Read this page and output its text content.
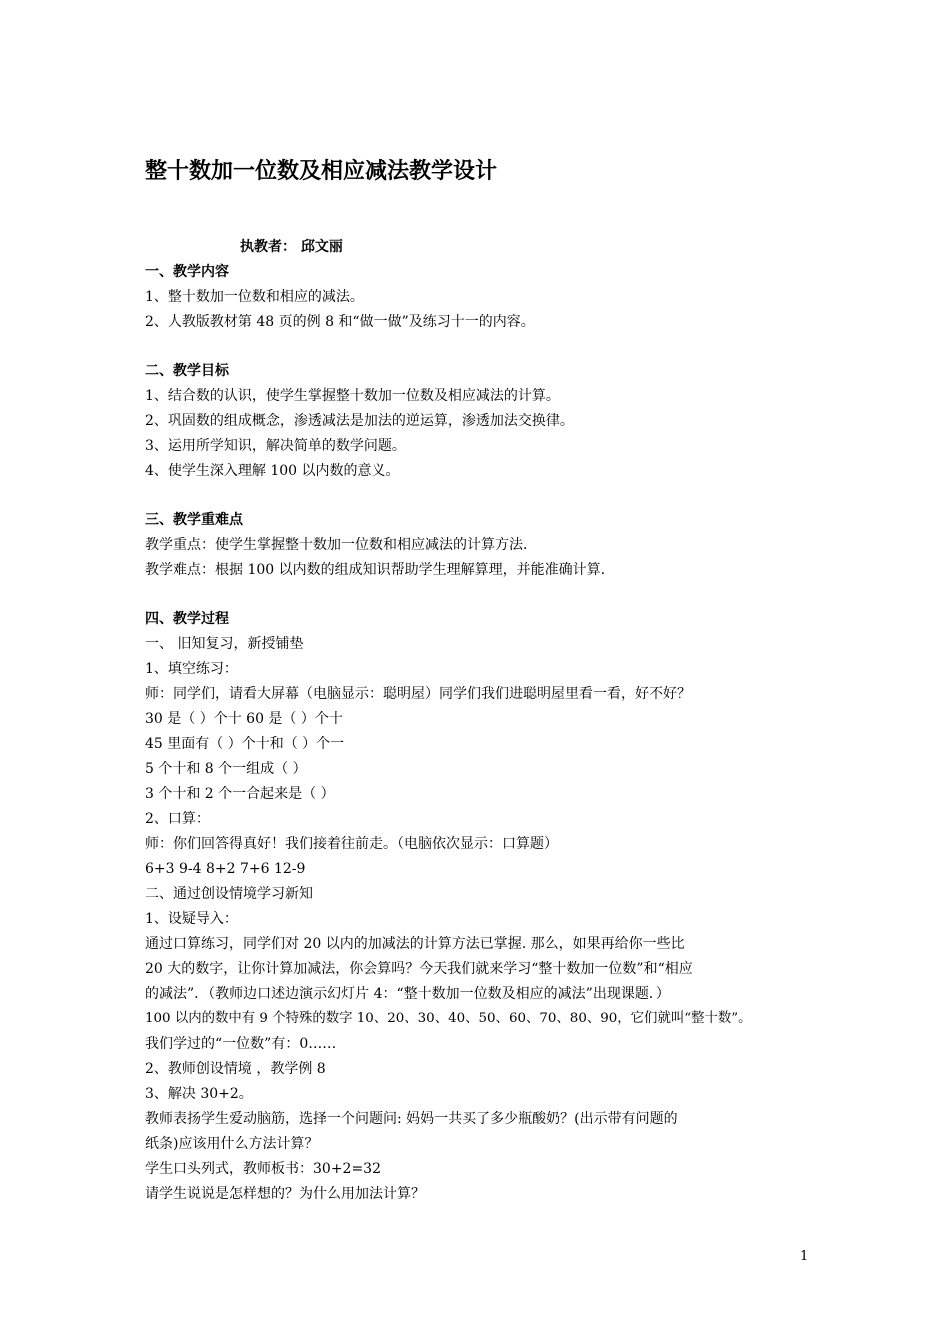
整十数加一位数及相应减法教学设计
执教者： 邱文丽
一、教学内容
1、整十数加一位数和相应的减法。
2、人教版教材第 48 页的例 8 和“做一做”及练习十一的内容。
二、教学目标
1、结合数的认识，使学生掌握整十数加一位数及相应减法的计算。
2、巩固数的组成概念，渗透减法是加法的逆运算，渗透加法交换律。
3、运用所学知识，解决简单的数学问题。
4、使学生深入理解 100 以内数的意义。
三、教学重难点
教学重点：使学生掌握整十数加一位数和相应减法的计算方法.
教学难点：根据 100 以内数的组成知识帮助学生理解算理，并能准确计算.
四、教学过程
一、 旧知复习，新授铺垫
1、填空练习：
师：同学们，请看大屏幕（电脑显示：聪明屋）同学们我们进聪明屋里看一看，好不好？
30 是（ ）个十 60 是（ ）个十
45 里面有（ ）个十和（ ）个一
5 个十和 8 个一组成（ ）
3 个十和 2 个一合起来是（ ）
2、口算：
师：你们回答得真好！我们接着往前走。（电脑依次显示：口算题）
6+3 9-4 8+2 7+6 12-9
二、通过创设情境学习新知
1、设疑导入：
通过口算练习，同学们对 20 以内的加减法的计算方法已掌握. 那么，如果再给你一些比
20 大的数字，让你计算加减法，你会算吗？今天我们就来学习“整十数加一位数”和“相应
的减法”．（教师边口述边演示幻灯片 4：“整十数加一位数及相应的减法”出现课题．）
100 以内的数中有 9 个特殊的数字 10、20、30、40、50、60、70、80、90，它们就叫“整十数”。
我们学过的“一位数”有：0……
2、教师创设情境 ，教学例 8
3、解决 30+2。
教师表扬学生爱动脑筋，选择一个问题问: 妈妈一共买了多少瓶酸奶？(出示带有问题的
纸条)应该用什么方法计算？
学生口头列式，教师板书：30+2=32
请学生说说是怎样想的？为什么用加法计算？
1
